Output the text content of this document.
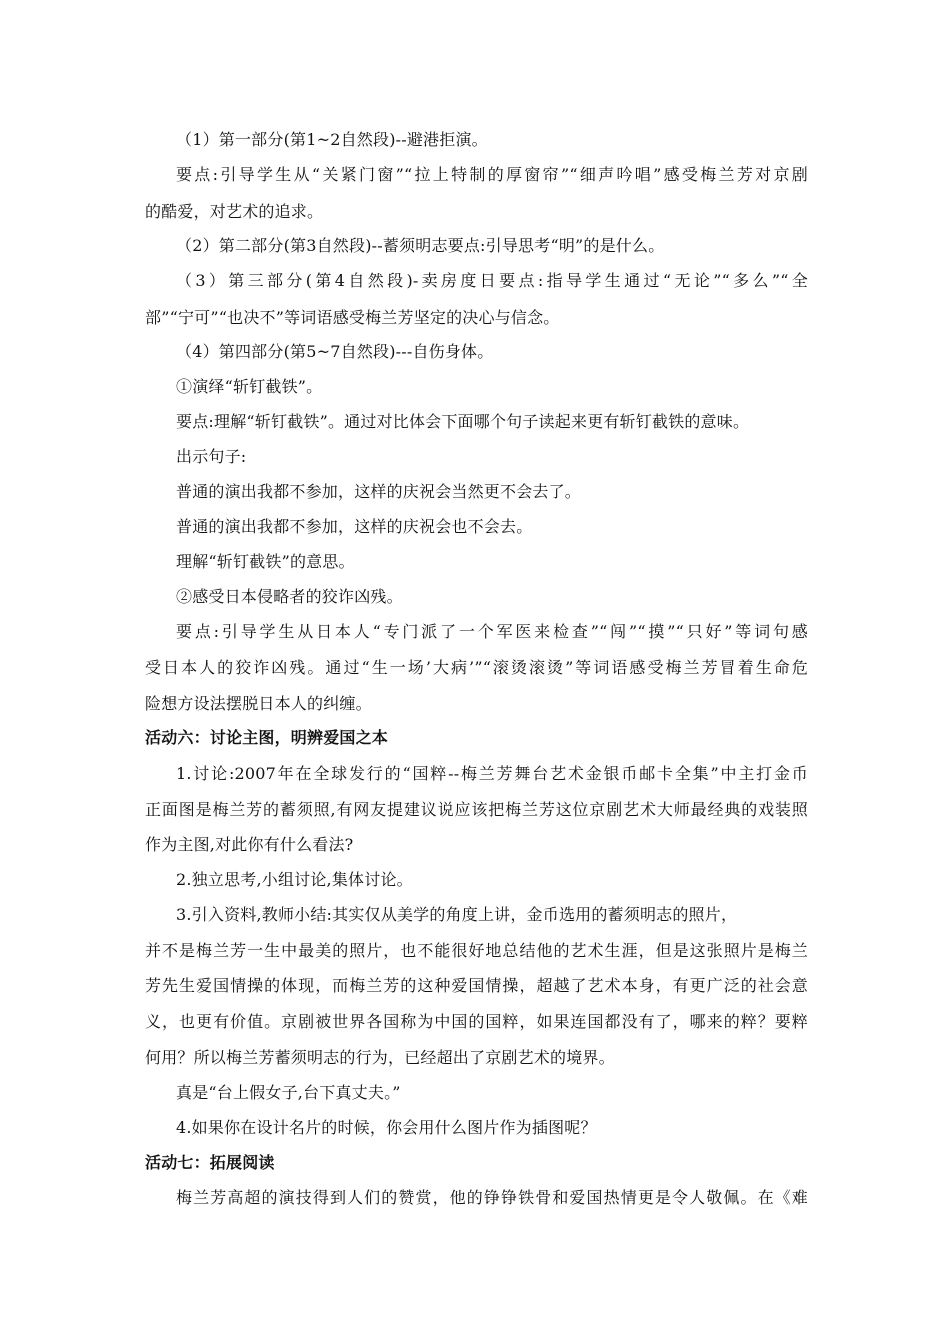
（1）第一部分(第1~2自然段)--避港拒演。
要点:引导学生从“关紧门窗”“拉上特制的厚窗帘”“细声吟唱”感受梅兰芳对京剧
的酷爱，对艺术的追求。
（2）第二部分(第3自然段)--蓄须明志要点:引导思考“明”的是什么。
（3）第三部分(第4自然段)-卖房度日要点:指导学生通过“无论”“多么”“全
部”“宁可”“也决不”等词语感受梅兰芳坚定的决心与信念。
（4）第四部分(第5~7自然段)---自伤身体。
①演绎“斩钉截铁”。
要点:理解“斩钉截铁”。通过对比体会下面哪个句子读起来更有斩钉截铁的意味。
出示句子:
普通的演出我都不参加，这样的庆祝会当然更不会去了。
普通的演出我都不参加，这样的庆祝会也不会去。
理解“斩钉截铁”的意思。
②感受日本侵略者的狡诈凶残。
要点:引导学生从日本人“专门派了一个军医来检查”“闯”“摸”“只好”等词句感
受日本人的狡诈凶残。通过“生一场’大病’”“滚烫滚烫”等词语感受梅兰芳冒着生命危
险想方设法摆脱日本人的纠缠。
活动六：讨论主图，明辨爱国之本
1.讨论:2007年在全球发行的“国粹--梅兰芳舞台艺术金银币邮卡全集”中主打金币
正面图是梅兰芳的蓄须照,有网友提建议说应该把梅兰芳这位京剧艺术大师最经典的戏装照
作为主图,对此你有什么看法?
2.独立思考,小组讨论,集体讨论。
3.引入资料,教师小结:其实仅从美学的角度上讲，金币选用的蓄须明志的照片，
并不是梅兰芳一生中最美的照片，也不能很好地总结他的艺术生涯，但是这张照片是梅兰
芳先生爱国情操的体现，而梅兰芳的这种爱国情操，超越了艺术本身，有更广泛的社会意
义，也更有价值。京剧被世界各国称为中国的国粹，如果连国都没有了，哪来的粹？要粹
何用？所以梅兰芳蓄须明志的行为，已经超出了京剧艺术的境界。
真是“台上假女子,台下真丈夫。”
4.如果你在设计名片的时候，你会用什么图片作为插图呢？
活动七：拓展阅读
梅兰芳高超的演技得到人们的赞赏，他的铮铮铁骨和爱国热情更是令人敬佩。在《难
